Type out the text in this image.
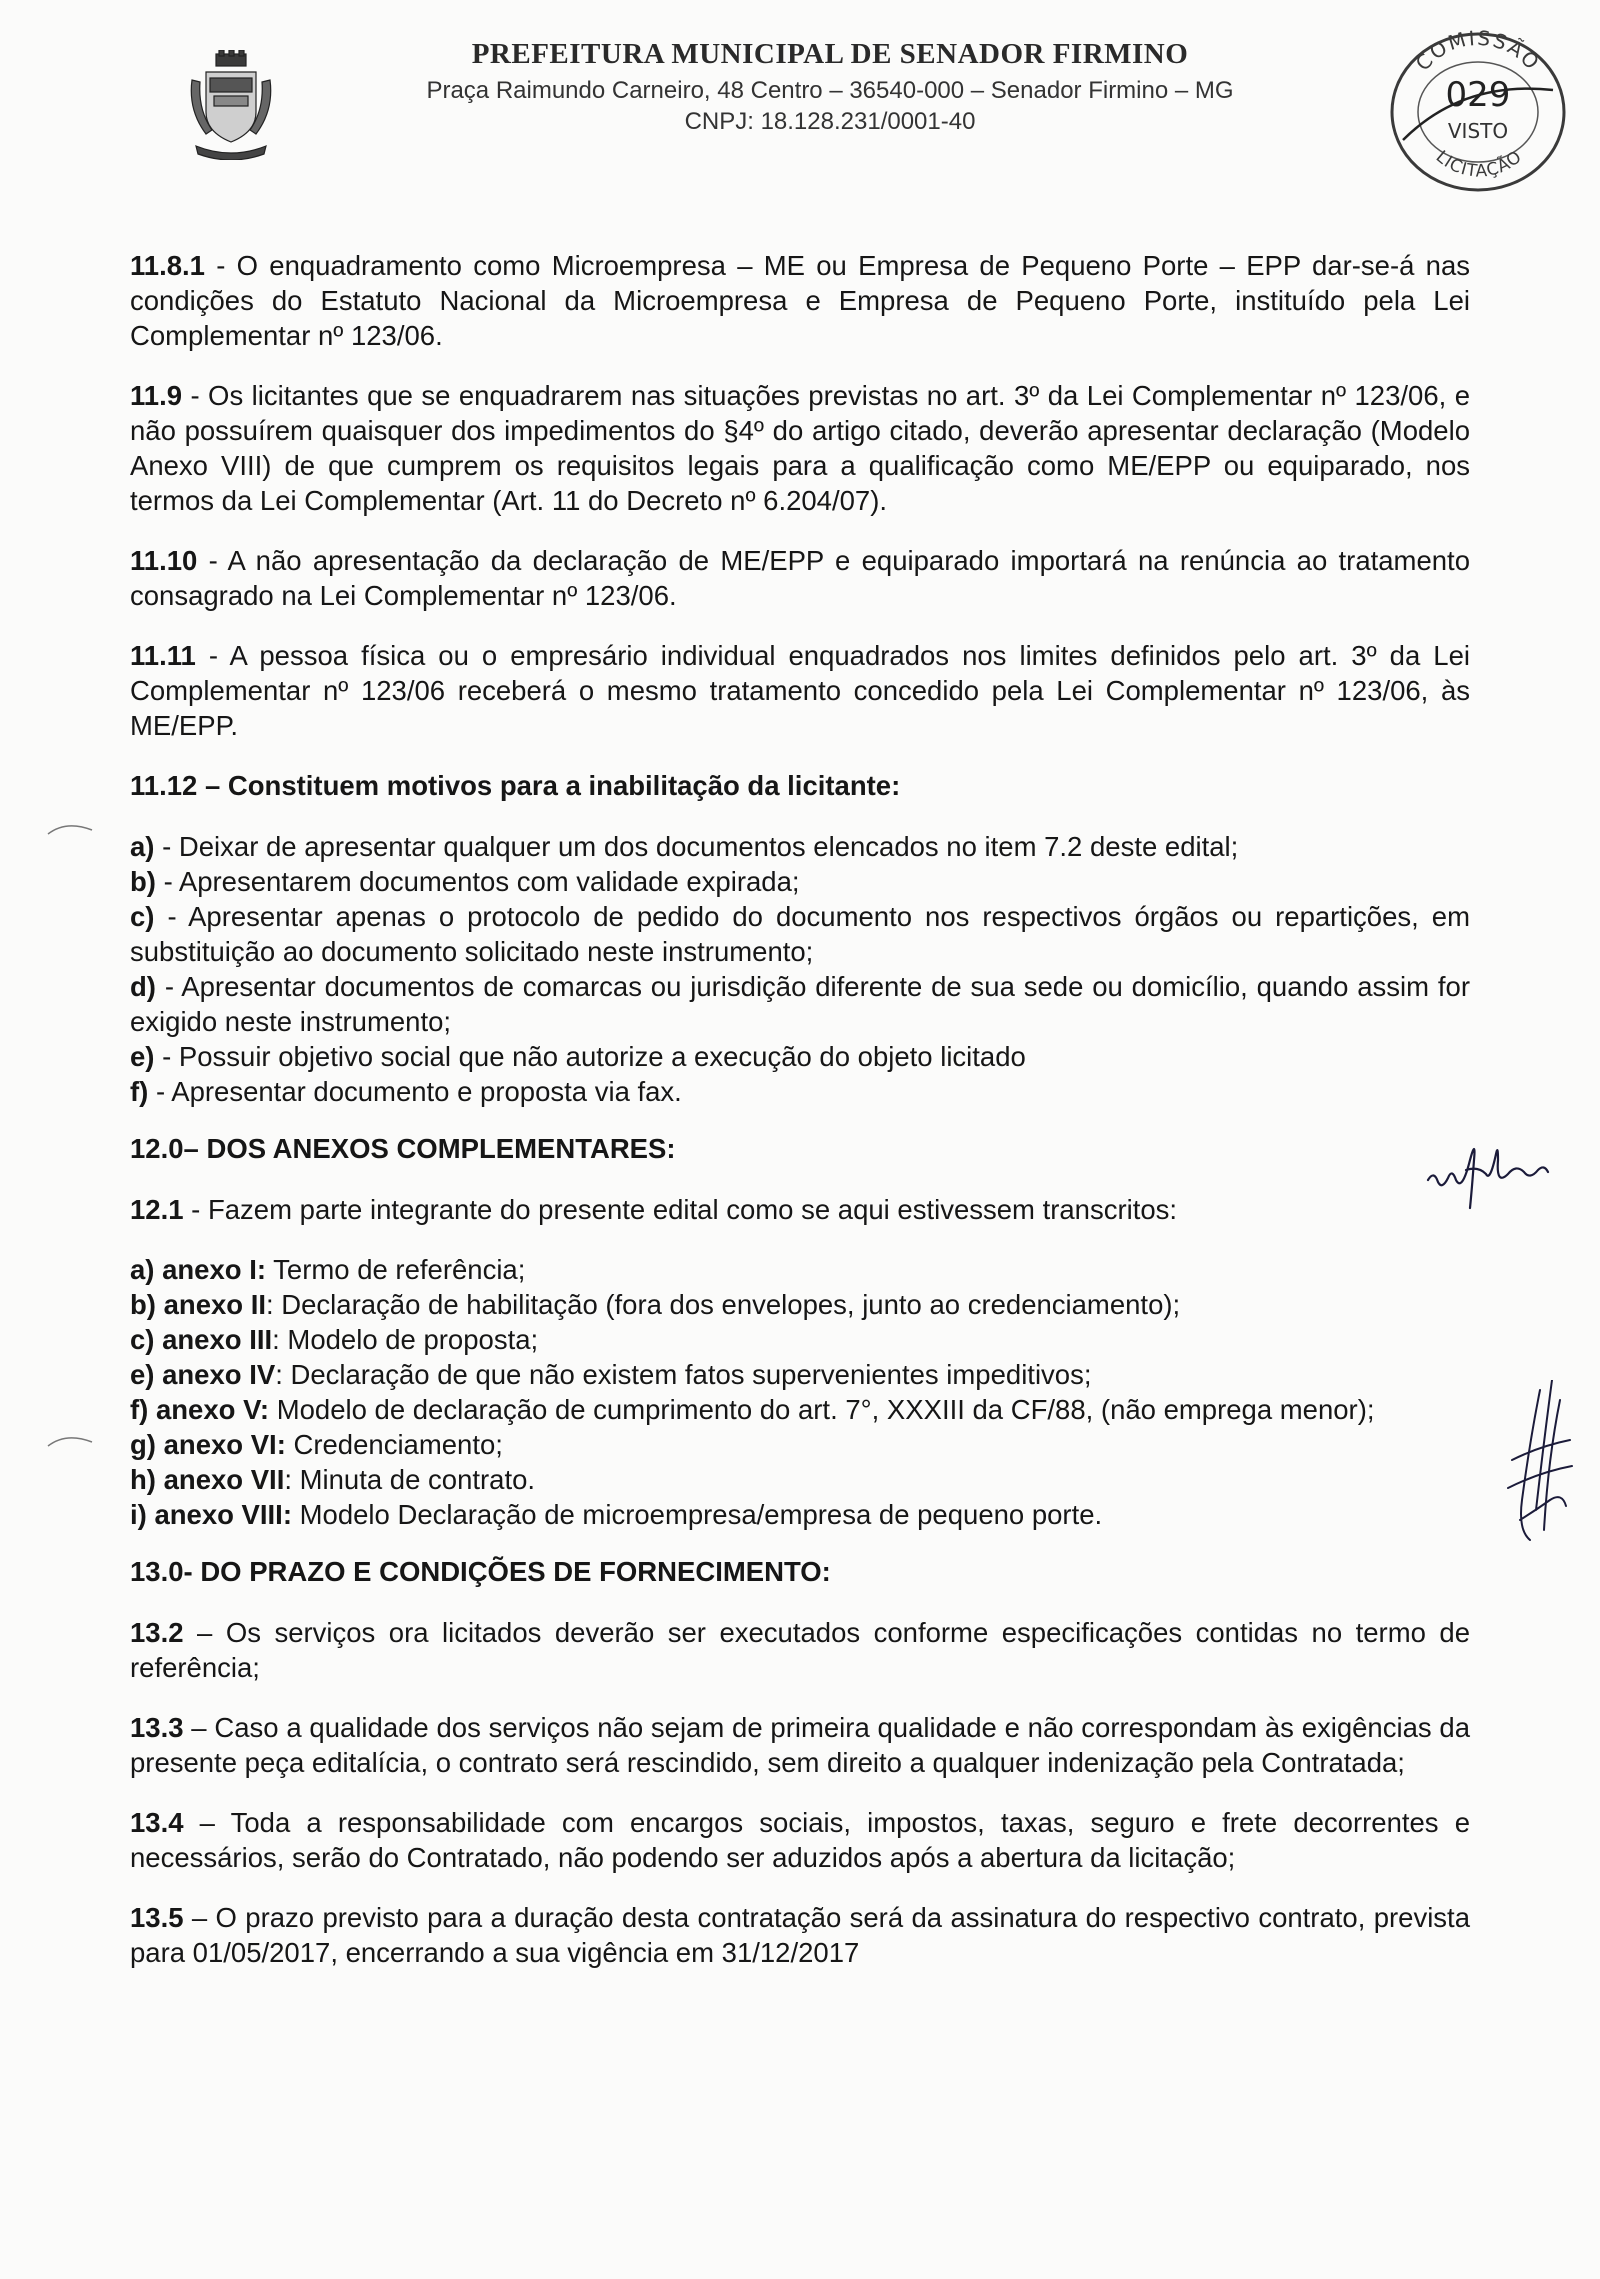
PREFEITURA MUNICIPAL DE SENADOR FIRMINO
Praça Raimundo Carneiro, 48 Centro – 36540-000 – Senador Firmino – MG
CNPJ: 18.128.231/0001-40
COMISSÃO
029
VISTO
LICITAÇÃO

11.8.1 - O enquadramento como Microempresa – ME ou Empresa de Pequeno Porte – EPP dar-se-á nas condições do Estatuto Nacional da Microempresa e Empresa de Pequeno Porte, instituído pela Lei Complementar nº 123/06.

11.9 - Os licitantes que se enquadrarem nas situações previstas no art. 3º da Lei Complementar nº 123/06, e não possuírem quaisquer dos impedimentos do §4º do artigo citado, deverão apresentar declaração (Modelo Anexo VIII) de que cumprem os requisitos legais para a qualificação como ME/EPP ou equiparado, nos termos da Lei Complementar (Art. 11 do Decreto nº 6.204/07).

11.10 - A não apresentação da declaração de ME/EPP e equiparado importará na renúncia ao tratamento consagrado na Lei Complementar nº 123/06.

11.11 - A pessoa física ou o empresário individual enquadrados nos limites definidos pelo art. 3º da Lei Complementar nº 123/06 receberá o mesmo tratamento concedido pela Lei Complementar nº 123/06, às ME/EPP.

11.12 – Constituem motivos para a inabilitação da licitante:

a) - Deixar de apresentar qualquer um dos documentos elencados no item 7.2 deste edital;

b) - Apresentarem documentos com validade expirada;

c) - Apresentar apenas o protocolo de pedido do documento nos respectivos órgãos ou repartições, em substituição ao documento solicitado neste instrumento;

d) - Apresentar documentos de comarcas ou jurisdição diferente de sua sede ou domicílio, quando assim for exigido neste instrumento;

e) - Possuir objetivo social que não autorize a execução do objeto licitado

f) - Apresentar documento e proposta via fax.

12.0– DOS ANEXOS COMPLEMENTARES:

12.1 - Fazem parte integrante do presente edital como se aqui estivessem transcritos:

a) anexo I: Termo de referência;

b) anexo II: Declaração de habilitação (fora dos envelopes, junto ao credenciamento);

c) anexo III: Modelo de proposta;

e) anexo IV: Declaração de que não existem fatos supervenientes impeditivos;

f) anexo V: Modelo de declaração de cumprimento do art. 7°, XXXIII da CF/88, (não emprega menor);

g) anexo VI: Credenciamento;

h) anexo VII: Minuta de contrato.

i) anexo VIII: Modelo Declaração de microempresa/empresa de pequeno porte.

13.0- DO PRAZO E CONDIÇÕES DE FORNECIMENTO:

13.2 – Os serviços ora licitados deverão ser executados conforme especificações contidas no termo de referência;

13.3 – Caso a qualidade dos serviços não sejam de primeira qualidade e não correspondam às exigências da presente peça editalícia, o contrato será rescindido, sem direito a qualquer indenização pela Contratada;

13.4 – Toda a responsabilidade com encargos sociais, impostos, taxas, seguro e frete decorrentes e necessários, serão do Contratado, não podendo ser aduzidos após a abertura da licitação;

13.5 – O prazo previsto para a duração desta contratação será da assinatura do respectivo contrato, prevista para 01/05/2017, encerrando a sua vigência em 31/12/2017
